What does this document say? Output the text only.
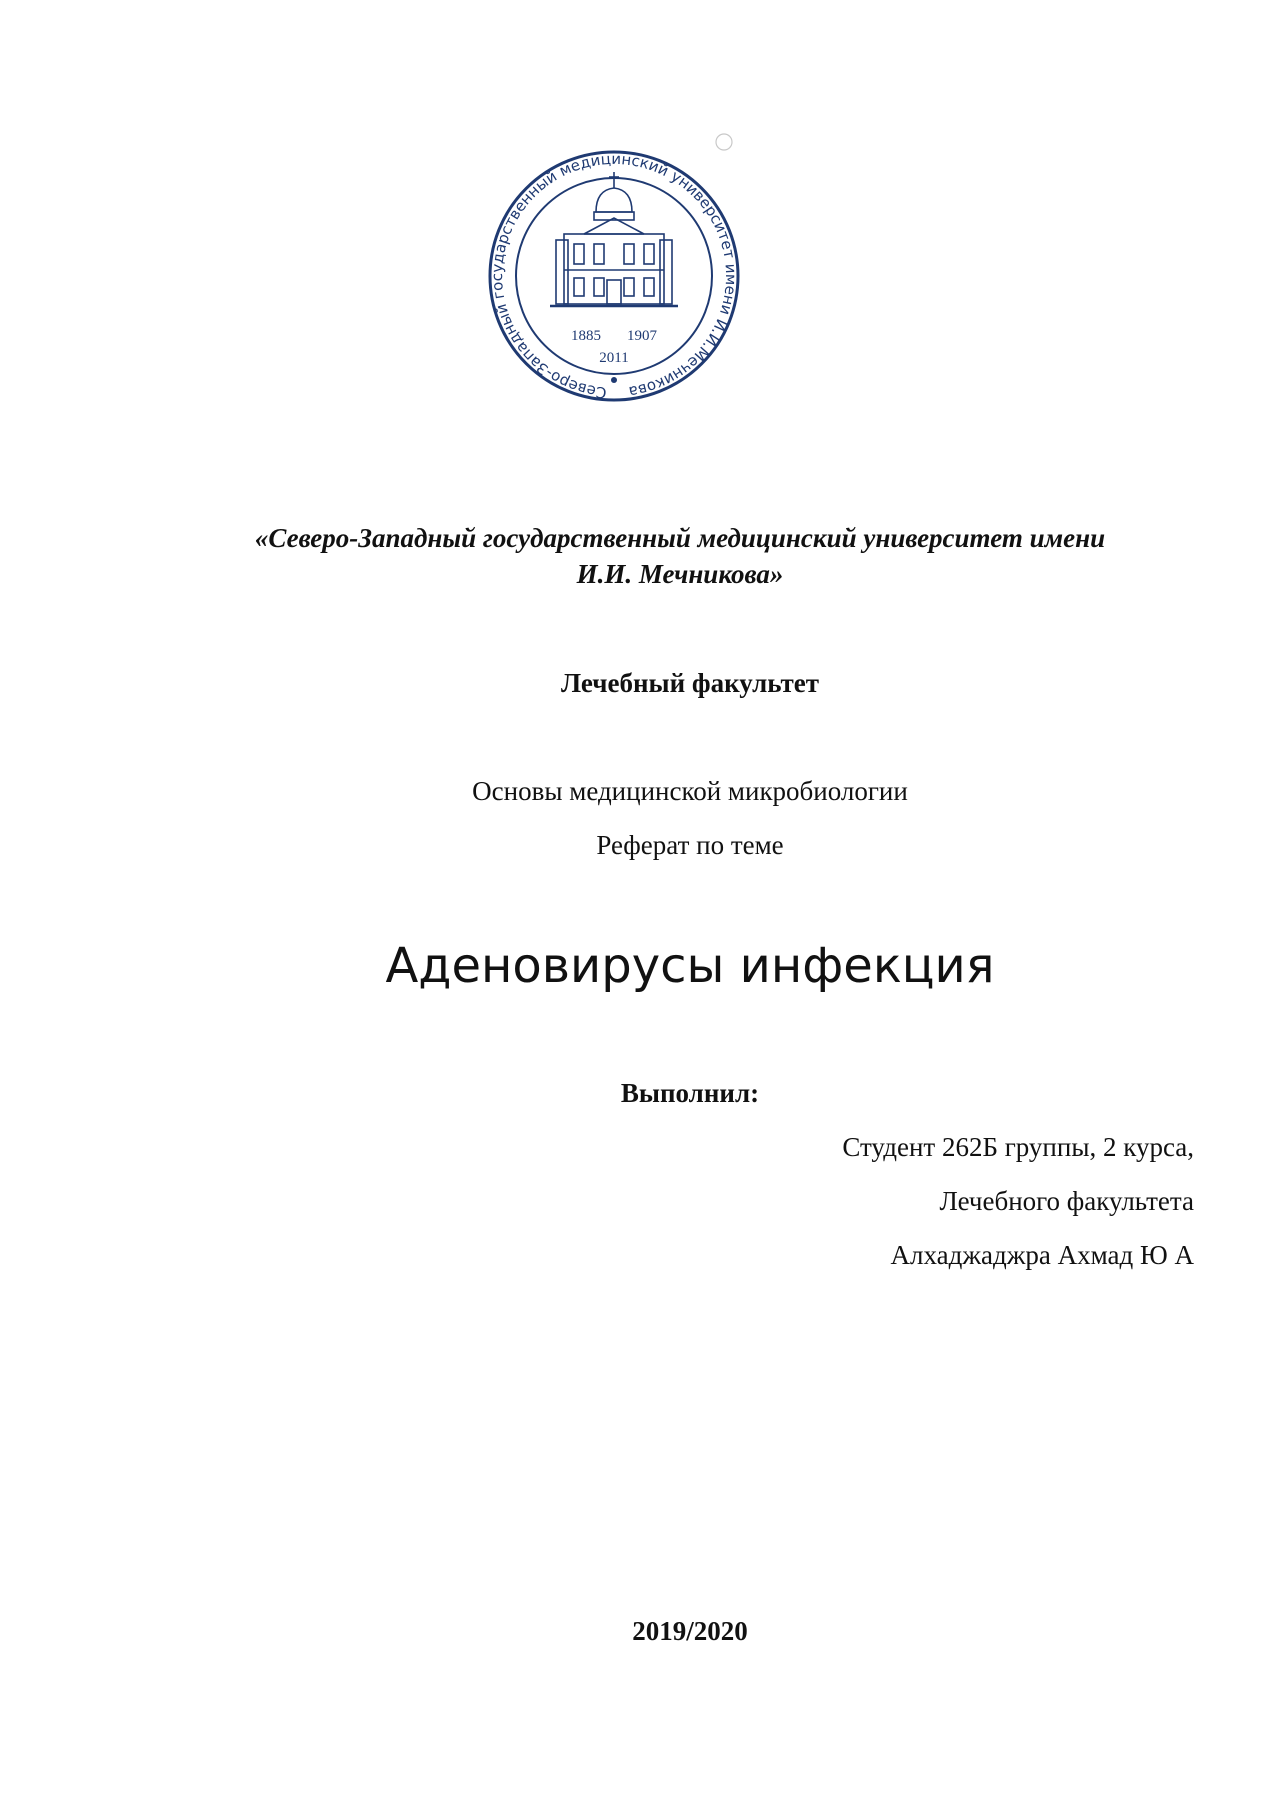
Северо-Западный государственный медицинский университет имени И.И.Мечникова
1885 1907
2011
«Северо-Западный государственный медицинский университет имени
И.И. Мечникова»
Лечебный факультет
Основы медицинской микробиологии
Реферат по теме
Аденовирусы инфекция
Выполнил:
Студент 262Б группы, 2 курса,
Лечебного факультета
Алхаджаджра Ахмад Ю А
2019/2020
